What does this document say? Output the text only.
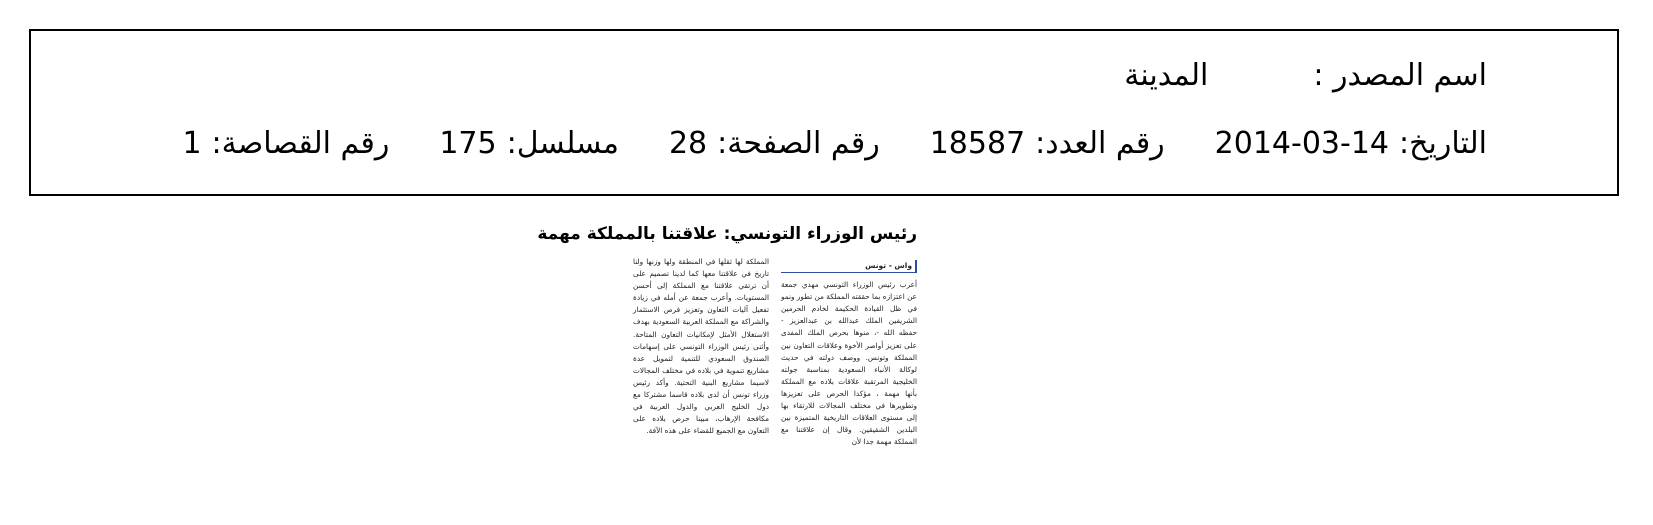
اسم المصدر :
المدينة
التاريخ:
2014-03-14
رقم العدد:
18587
رقم الصفحة:
28
مسلسل:
175
رقم القصاصة:
1
رئيس الوزراء التونسي: علاقتنا بالمملكة مهمة
واس - تونس
أعرب رئيس الوزراء التونسي مهدي جمعة عن اعتزازه بما حققته المملكة من تطور ونمو في ظل القيادة الحكيمة لخادم الحرمين الشريفين الملك عبدالله بن عبدالعزيز - حفظه الله -، منوها بحرص الملك المفدى على تعزيز أواصر الأخوة وعلاقات التعاون بين المملكة وتونس. ووصف دولته في حديث لوكالة الأنباء السعودية بمناسبة جولته الخليجية المرتقبة علاقات بلاده مع المملكة بأنها مهمة ، مؤكدا الحرص على تعزيزها وتطويرها في مختلف المجالات للارتقاء بها إلى مستوى العلاقات التاريخية المتميزة بين البلدين الشقيقين. وقال إن علاقتنا مع المملكة مهمة جدا لأن
المملكة لها ثقلها في المنطقة ولها وزنها ولنا تاريخ في علاقتنا معها كما لدينا تصميم على أن ترتقي علاقتنا مع المملكة إلى أحسن المستويات. وأعرب جمعة عن أمله في زيادة تفعيل آليات التعاون وتعزيز فرص الاستثمار والشراكة مع المملكة العربية السعودية بهدف الاستغلال الأمثل لإمكانيات التعاون المتاحة. وأثنى رئيس الوزراء التونسي على إسهامات الصندوق السعودي للتنمية لتمويل عدة مشاريع تنموية في بلاده في مختلف المجالات لاسيما مشاريع البنية التحتية. وأكد رئيس وزراء تونس أن لدى بلاده قاسما مشتركا مع دول الخليج العربي والدول العربية في مكافحة الإرهاب، مبينا حرص بلاده على التعاون مع الجميع للقضاء على هذه الآفة.
